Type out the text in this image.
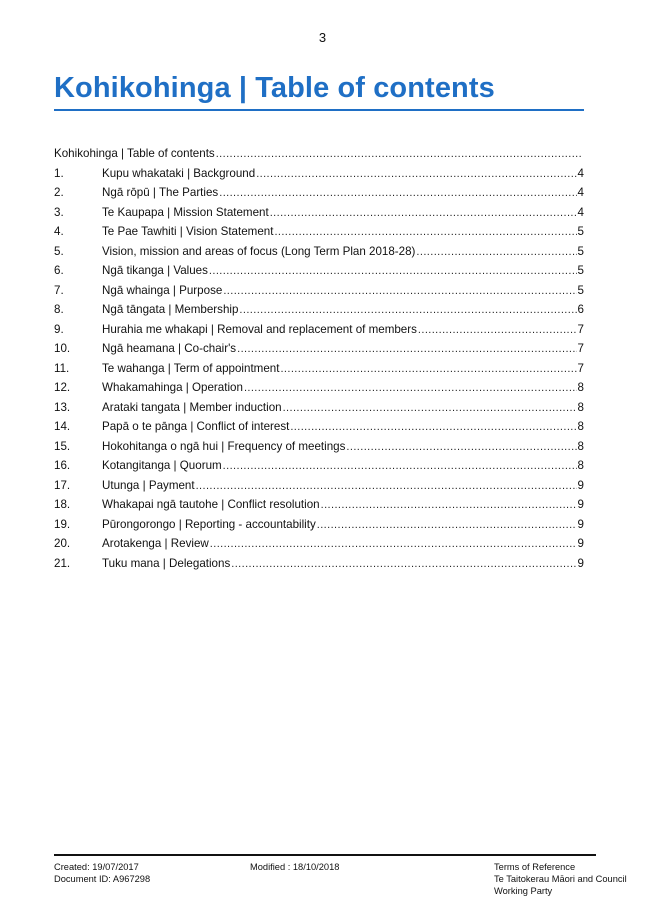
3
Kohikohinga | Table of contents
Kohikohinga | Table of contents
.....
1.	Kupu whakataki | Background .....	4
2.	Ngā rōpū | The Parties .....	4
3.	Te Kaupapa | Mission Statement .....	4
4.	Te Pae Tawhiti | Vision Statement .....	5
5.	Vision, mission and areas of focus (Long Term Plan 2018-28) .....	5
6.	Ngā tikanga | Values .....	5
7.	Ngā whainga | Purpose .....	5
8.	Ngā tāngata | Membership .....	6
9.	Hurahia me whakapi | Removal and replacement of members .....	7
10.	Ngā heamana | Co-chair's .....	7
11.	Te wahanga | Term of appointment .....	7
12.	Whakamahinga | Operation .....	8
13.	Arataki tangata | Member induction .....	8
14.	Papā o te pānga | Conflict of interest .....	8
15.	Hokohitanga o ngā hui | Frequency of meetings .....	8
16.	Kotangitanga | Quorum .....	8
17.	Utunga | Payment .....	9
18.	Whakapai ngā tautohe | Conflict resolution .....	9
19.	Pūrongorongo | Reporting - accountability .....	9
20.	Arotakenga | Review .....	9
21.	Tuku mana | Delegations .....	9
Created: 19/07/2017
Document ID: A967298
Modified : 18/10/2018	Terms of Reference
Te Taitokerau Māori and Council
Working Party
